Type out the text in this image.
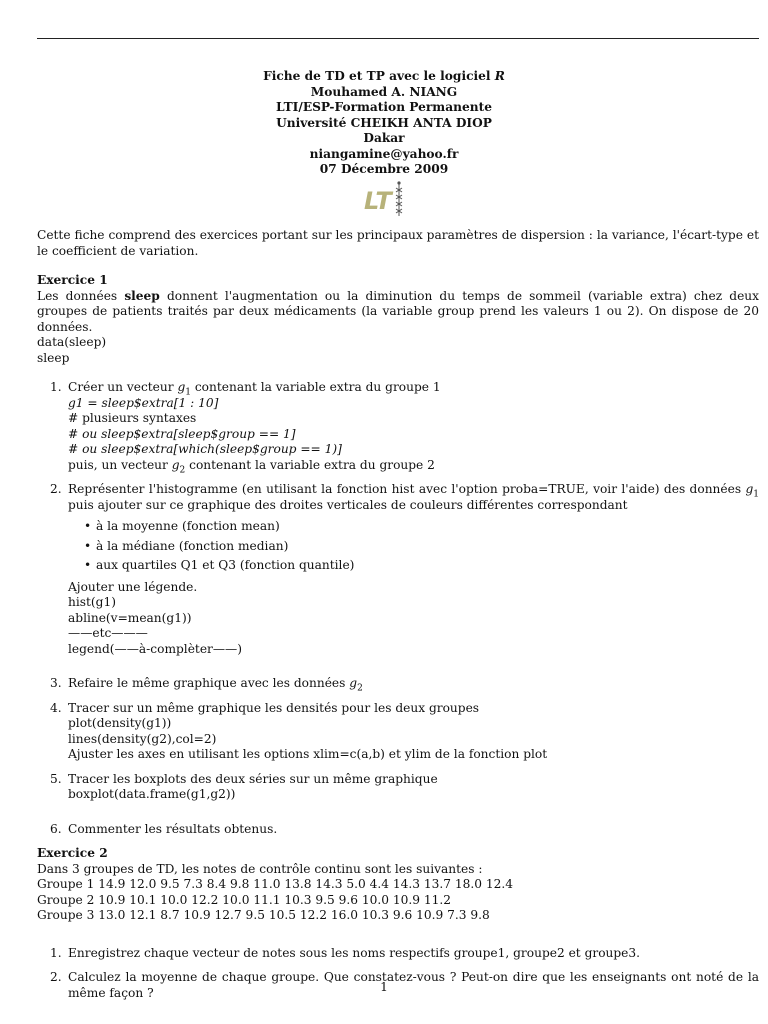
Fiche de TD et TP avec le logiciel R
Mouhamed A. NIANG
LTI/ESP-Formation Permanente
Université CHEIKH ANTA DIOP
Dakar
niangamine@yahoo.fr
07 Décembre 2009
LT

Cette fiche comprend des exercices portant sur les principaux paramètres de dispersion : la variance, l'écart-type et le coefficient de variation.

Exercice 1

Les données sleep donnent l'augmentation ou la diminution du temps de sommeil (variable extra) chez deux groupes de patients traités par deux médicaments (la variable group prend les valeurs 1 ou 2). On dispose de 20 données.

data(sleep)

sleep

1. Créer un vecteur $g_1$ contenant la variable extra du groupe 1
g1 = sleep$extra[1 : 10]
# plusieurs syntaxes
# ou sleep$extra[sleep$group == 1]
# ou sleep$extra[which(sleep$group == 1)]
puis, un vecteur $g_2$ contenant la variable extra du groupe 2
2. Représenter l'histogramme (en utilisant la fonction hist avec l'option proba=TRUE, voir l'aide) des données $g_1$ puis ajouter sur ce graphique des droites verticales de couleurs différentes correspondant
• à la moyenne (fonction mean)
• à la médiane (fonction median)
• aux quartiles Q1 et Q3 (fonction quantile)
Ajouter une légende.
hist(g1)
abline(v=mean(g1))
——etc———
legend(——à-complèter——)
3. Refaire le même graphique avec les données $g_2$
4. Tracer sur un même graphique les densités pour les deux groupes
plot(density(g1))
lines(density(g2),col=2)
Ajuster les axes en utilisant les options xlim=c(a,b) et ylim de la fonction plot
5. Tracer les boxplots des deux séries sur un même graphique
boxplot(data.frame(g1,g2))
6. Commenter les résultats obtenus.

Exercice 2

Dans 3 groupes de TD, les notes de contrôle continu sont les suivantes :

Groupe 1 14.9 12.0 9.5 7.3 8.4 9.8 11.0 13.8 14.3 5.0 4.4 14.3 13.7 18.0 12.4

Groupe 2 10.9 10.1 10.0 12.2 10.0 11.1 10.3 9.5 9.6 10.0 10.9 11.2

Groupe 3 13.0 12.1 8.7 10.9 12.7 9.5 10.5 12.2 16.0 10.3 9.6 10.9 7.3 9.8

1. Enregistrez chaque vecteur de notes sous les noms respectifs groupe1, groupe2 et groupe3.
2. Calculez la moyenne de chaque groupe. Que constatez-vous ? Peut-on dire que les enseignants ont noté de la même façon ?	1
